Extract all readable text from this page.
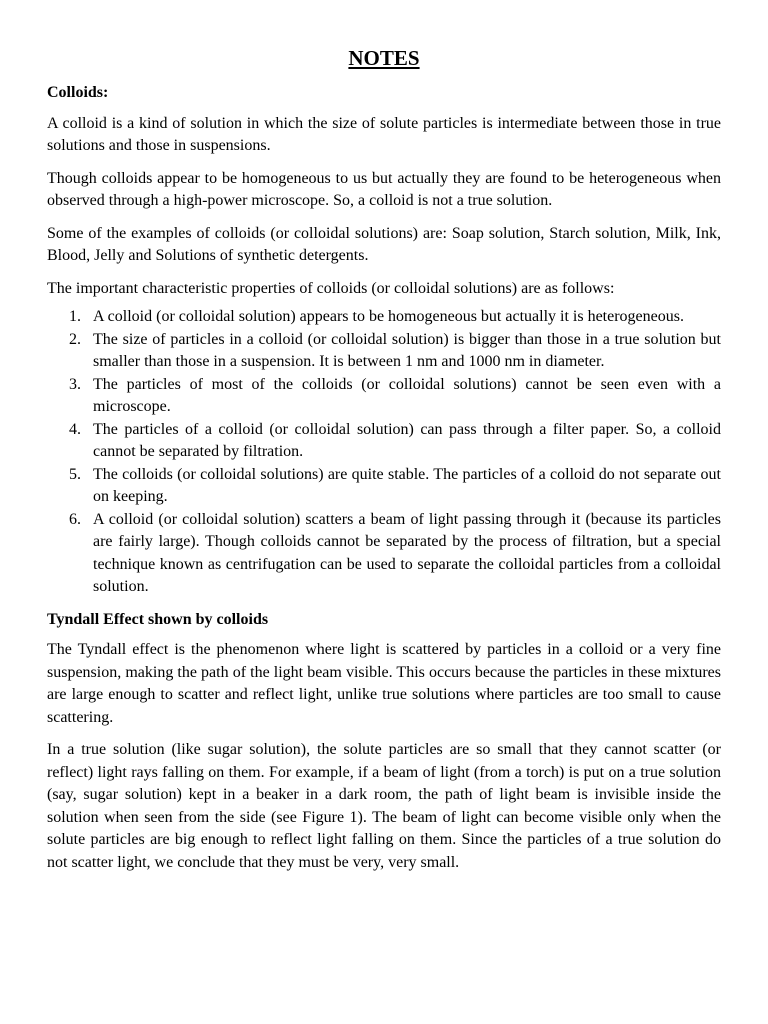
NOTES
Colloids:

A colloid is a kind of solution in which the size of solute particles is intermediate between those in true solutions and those in suspensions.

Though colloids appear to be homogeneous to us but actually they are found to be heterogeneous when observed through a high-power microscope. So, a colloid is not a true solution.

Some of the examples of colloids (or colloidal solutions) are: Soap solution, Starch solution, Milk, Ink, Blood, Jelly and Solutions of synthetic detergents.

The important characteristic properties of colloids (or colloidal solutions) are as follows:

1. A colloid (or colloidal solution) appears to be homogeneous but actually it is heterogeneous.
2. The size of particles in a colloid (or colloidal solution) is bigger than those in a true solution but smaller than those in a suspension. It is between 1 nm and 1000 nm in diameter.
3. The particles of most of the colloids (or colloidal solutions) cannot be seen even with a microscope.
4. The particles of a colloid (or colloidal solution) can pass through a filter paper. So, a colloid cannot be separated by filtration.
5. The colloids (or colloidal solutions) are quite stable. The particles of a colloid do not separate out on keeping.
6. A colloid (or colloidal solution) scatters a beam of light passing through it (because its particles are fairly large). Though colloids cannot be separated by the process of filtration, but a special technique known as centrifugation can be used to separate the colloidal particles from a colloidal solution.
Tyndall Effect shown by colloids

The Tyndall effect is the phenomenon where light is scattered by particles in a colloid or a very fine suspension, making the path of the light beam visible. This occurs because the particles in these mixtures are large enough to scatter and reflect light, unlike true solutions where particles are too small to cause scattering.

In a true solution (like sugar solution), the solute particles are so small that they cannot scatter (or reflect) light rays falling on them. For example, if a beam of light (from a torch) is put on a true solution (say, sugar solution) kept in a beaker in a dark room, the path of light beam is invisible inside the solution when seen from the side (see Figure 1). The beam of light can become visible only when the solute particles are big enough to reflect light falling on them. Since the particles of a true solution do not scatter light, we conclude that they must be very, very small.
